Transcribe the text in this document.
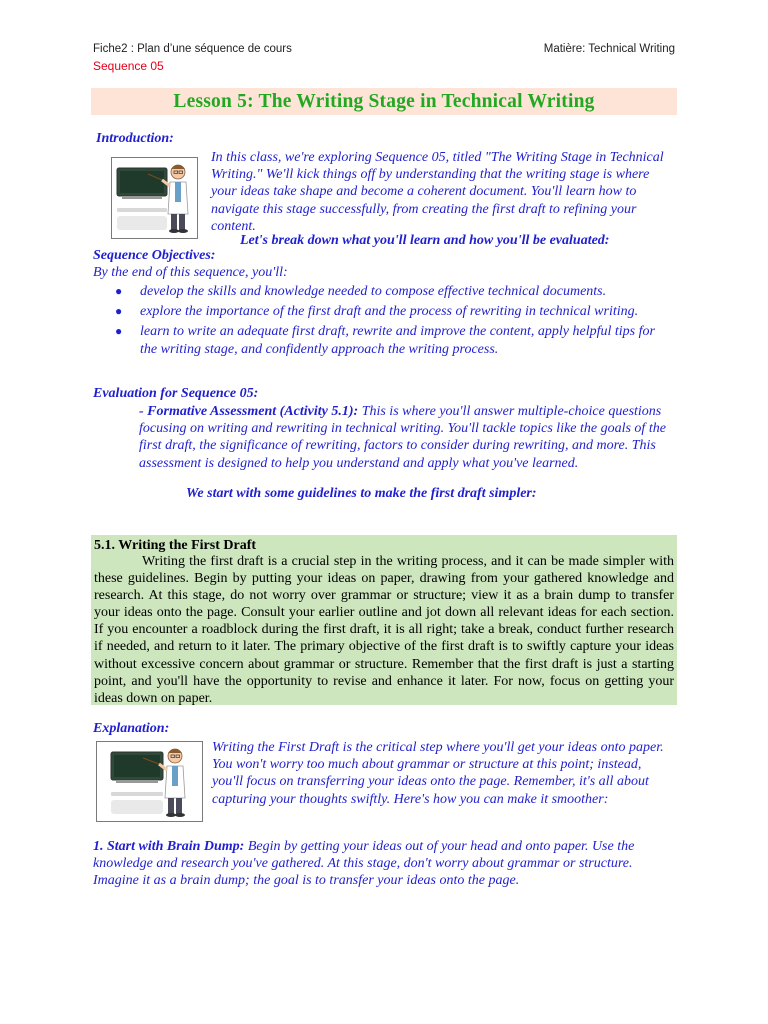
Fiche2 : Plan d’une séquence de cours	Matière: Technical Writing
Sequence 05
Lesson 5: The Writing Stage in Technical Writing
Introduction:
In this class, we're exploring Sequence 05, titled "The Writing Stage in Technical Writing." We'll kick things off by understanding that the writing stage is where your ideas take shape and become a coherent document. You'll learn how to navigate this stage successfully, from creating the first draft to refining your content.
Let's break down what you'll learn and how you'll be evaluated:
Sequence Objectives:
By the end of this sequence, you'll:
● develop the skills and knowledge needed to compose effective technical documents.
● explore the importance of the first draft and the process of rewriting in technical writing.
● learn to write an adequate first draft, rewrite and improve the content, apply helpful tips for the writing stage, and confidently approach the writing process.
Evaluation for Sequence 05:
- Formative Assessment (Activity 5.1): This is where you'll answer multiple-choice questions focusing on writing and rewriting in technical writing. You'll tackle topics like the goals of the first draft, the significance of rewriting, factors to consider during rewriting, and more. This assessment is designed to help you understand and apply what you've learned.
We start with some guidelines to make the first draft simpler:
5.1. Writing the First Draft
Writing the first draft is a crucial step in the writing process, and it can be made simpler with these guidelines. Begin by putting your ideas on paper, drawing from your gathered knowledge and research. At this stage, do not worry over grammar or structure; view it as a brain dump to transfer your ideas onto the page. Consult your earlier outline and jot down all relevant ideas for each section. If you encounter a roadblock during the first draft, it is all right; take a break, conduct further research if needed, and return to it later. The primary objective of the first draft is to swiftly capture your ideas without excessive concern about grammar or structure. Remember that the first draft is just a starting point, and you'll have the opportunity to revise and enhance it later. For now, focus on getting your ideas down on paper.
Explanation:
Writing the First Draft is the critical step where you'll get your ideas onto paper. You won't worry too much about grammar or structure at this point; instead, you'll focus on transferring your ideas onto the page. Remember, it's all about capturing your thoughts swiftly. Here's how you can make it smoother:
1. Start with Brain Dump: Begin by getting your ideas out of your head and onto paper. Use the knowledge and research you've gathered. At this stage, don't worry about grammar or structure. Imagine it as a brain dump; the goal is to transfer your ideas onto the page.
